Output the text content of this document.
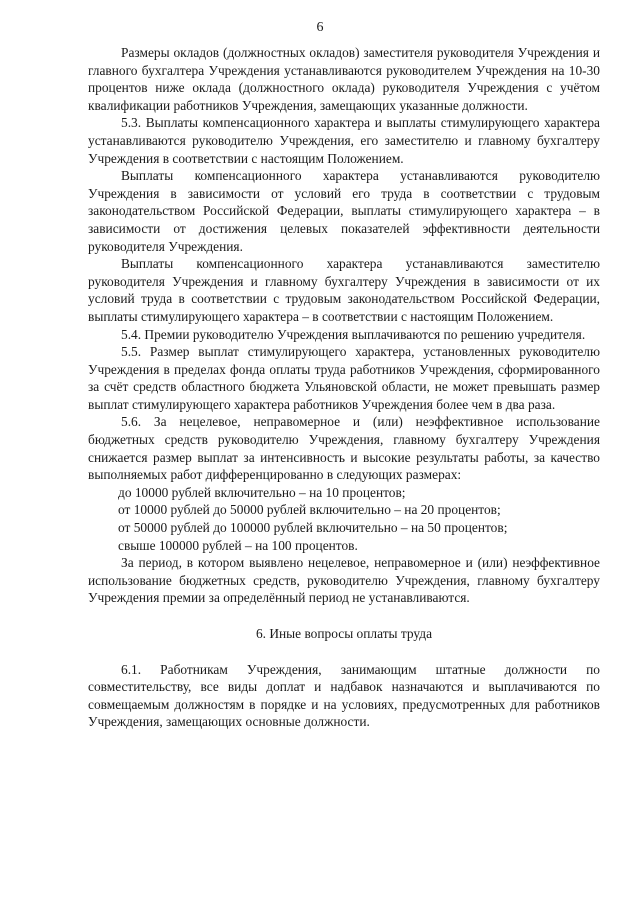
6

Размеры окладов (должностных окладов) заместителя руководителя Учреждения и главного бухгалтера Учреждения устанавливаются руководителем Учреждения на 10-30 процентов ниже оклада (должностного оклада) руководителя Учреждения с учётом квалификации работников Учреждения, замещающих указанные должности.

5.3. Выплаты компенсационного характера и выплаты стимулирующего характера устанавливаются руководителю Учреждения, его заместителю и главному бухгалтеру Учреждения в соответствии с настоящим Положением.

Выплаты компенсационного характера устанавливаются руководителю Учреждения в зависимости от условий его труда в соответствии с трудовым законодательством Российской Федерации, выплаты стимулирующего характера – в зависимости от достижения целевых показателей эффективности деятельности руководителя Учреждения.

Выплаты компенсационного характера устанавливаются заместителю руководителя Учреждения и главному бухгалтеру Учреждения в зависимости от их условий труда в соответствии с трудовым законодательством Российской Федерации, выплаты стимулирующего характера – в соответствии с настоящим Положением.

5.4. Премии руководителю Учреждения выплачиваются по решению учредителя.

5.5. Размер выплат стимулирующего характера, установленных руководителю Учреждения в пределах фонда оплаты труда работников Учреждения, сформированного за счёт средств областного бюджета Ульяновской области, не может превышать размер выплат стимулирующего характера работников Учреждения более чем в два раза.

5.6. За нецелевое, неправомерное и (или) неэффективное использование бюджетных средств руководителю Учреждения, главному бухгалтеру Учреждения снижается размер выплат за интенсивность и высокие результаты работы, за качество выполняемых работ дифференцированно в следующих размерах:

до 10000 рублей включительно – на 10 процентов;

от 10000 рублей до 50000 рублей включительно – на 20 процентов;

от 50000 рублей до 100000 рублей включительно – на 50 процентов;

свыше 100000 рублей – на 100 процентов.

За период, в котором выявлено нецелевое, неправомерное и (или) неэффективное использование бюджетных средств, руководителю Учреждения, главному бухгалтеру Учреждения премии за определённый период не устанавливаются.

6. Иные вопросы оплаты труда

6.1. Работникам Учреждения, занимающим штатные должности по совместительству, все виды доплат и надбавок назначаются и выплачиваются по совмещаемым должностям в порядке и на условиях, предусмотренных для работников Учреждения, замещающих основные должности.
